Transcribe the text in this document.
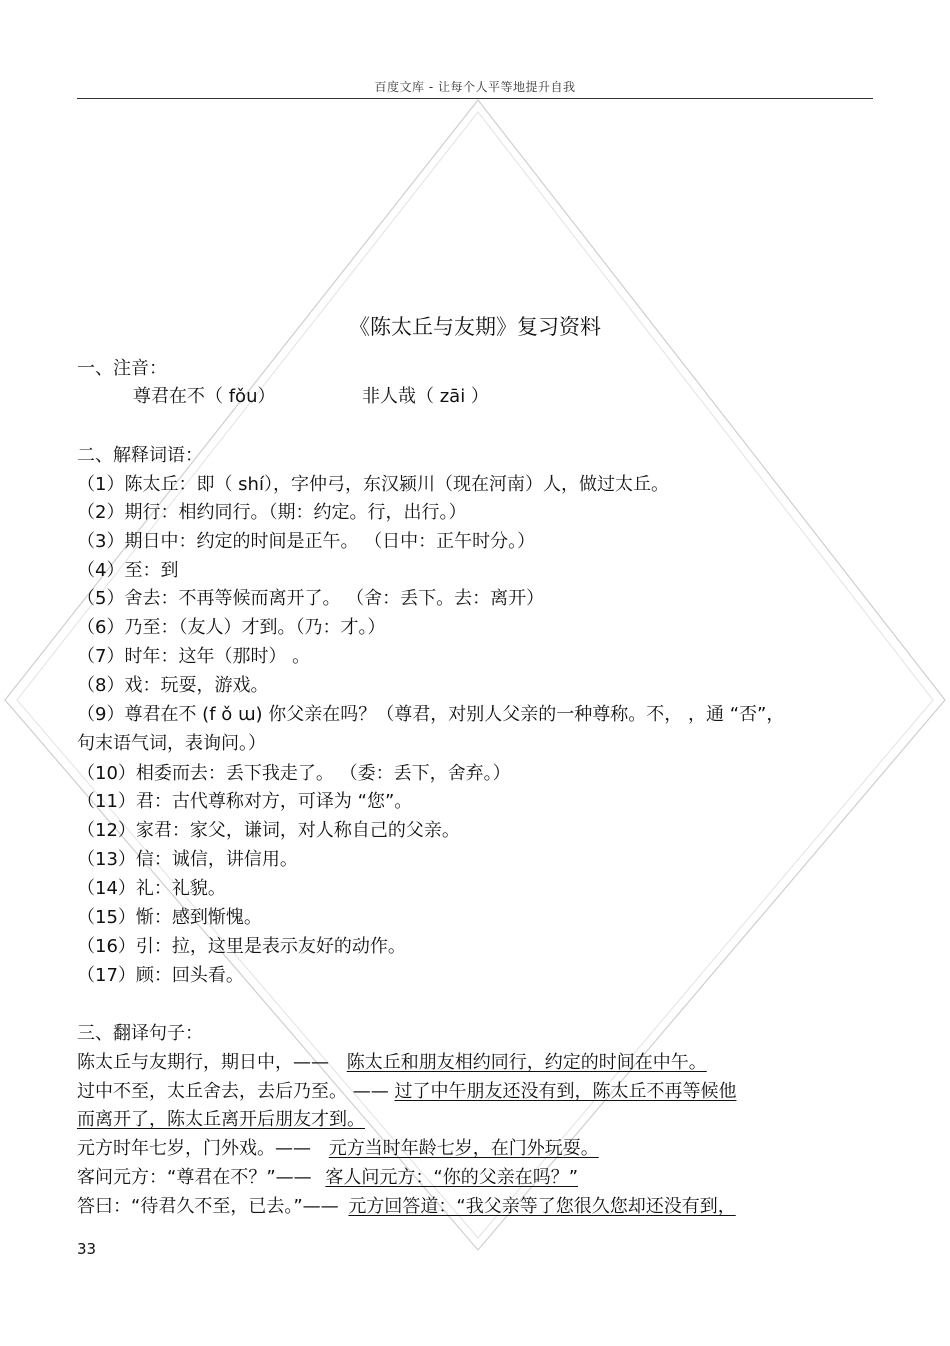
百度文库 - 让每个人平等地提升自我
《陈太丘与友期》复习资料
一、注音：
尊君在不（ fǒu）	非人哉（ zāi ）
二、解释词语：
（1）陈太丘：即（ shí），字仲弓，东汉颍川（现在河南）人，做过太丘。
（2）期行：相约同行。（期：约定。行，出行。）
（3）期日中：约定的时间是正午。 （日中：正午时分。）
（4）至：到
（5）舍去：不再等候而离开了。 （舍：丢下。去：离开）
（6）乃至：（友人）才到。（乃：才。）
（7）时年：这年（那时） 。
（8）戏：玩耍，游戏。
（9）尊君在不 (f ǒ ɯ) 你父亲在吗？（尊君，对别人父亲的一种尊称。不， ，通 “否”，
句末语气词，表询问。）
（10）相委而去：丢下我走了。 （委：丢下，舍弃。）
（11）君：古代尊称对方，可译为 “您”。
（12）家君：家父，谦词，对人称自己的父亲。
（13）信：诚信，讲信用。
（14）礼：礼貌。
（15）惭：感到惭愧。
（16）引：拉，这里是表示友好的动作。
（17）顾：回头看。
三、翻译句子：
陈太丘与友期行，期日中，—— 陈太丘和朋友相约同行，约定的时间在中午。
过中不至，太丘舍去，去后乃至。 —— 过了中午朋友还没有到，陈太丘不再等候他
而离开了，陈太丘离开后朋友才到。
元方时年七岁，门外戏。—— 元方当时年龄七岁，在门外玩耍。
客问元方：“尊君在不？”—— 客人问元方：“你的父亲在吗？”
答曰：“待君久不至，已去。”—— 元方回答道：“我父亲等了您很久您却还没有到，
33
